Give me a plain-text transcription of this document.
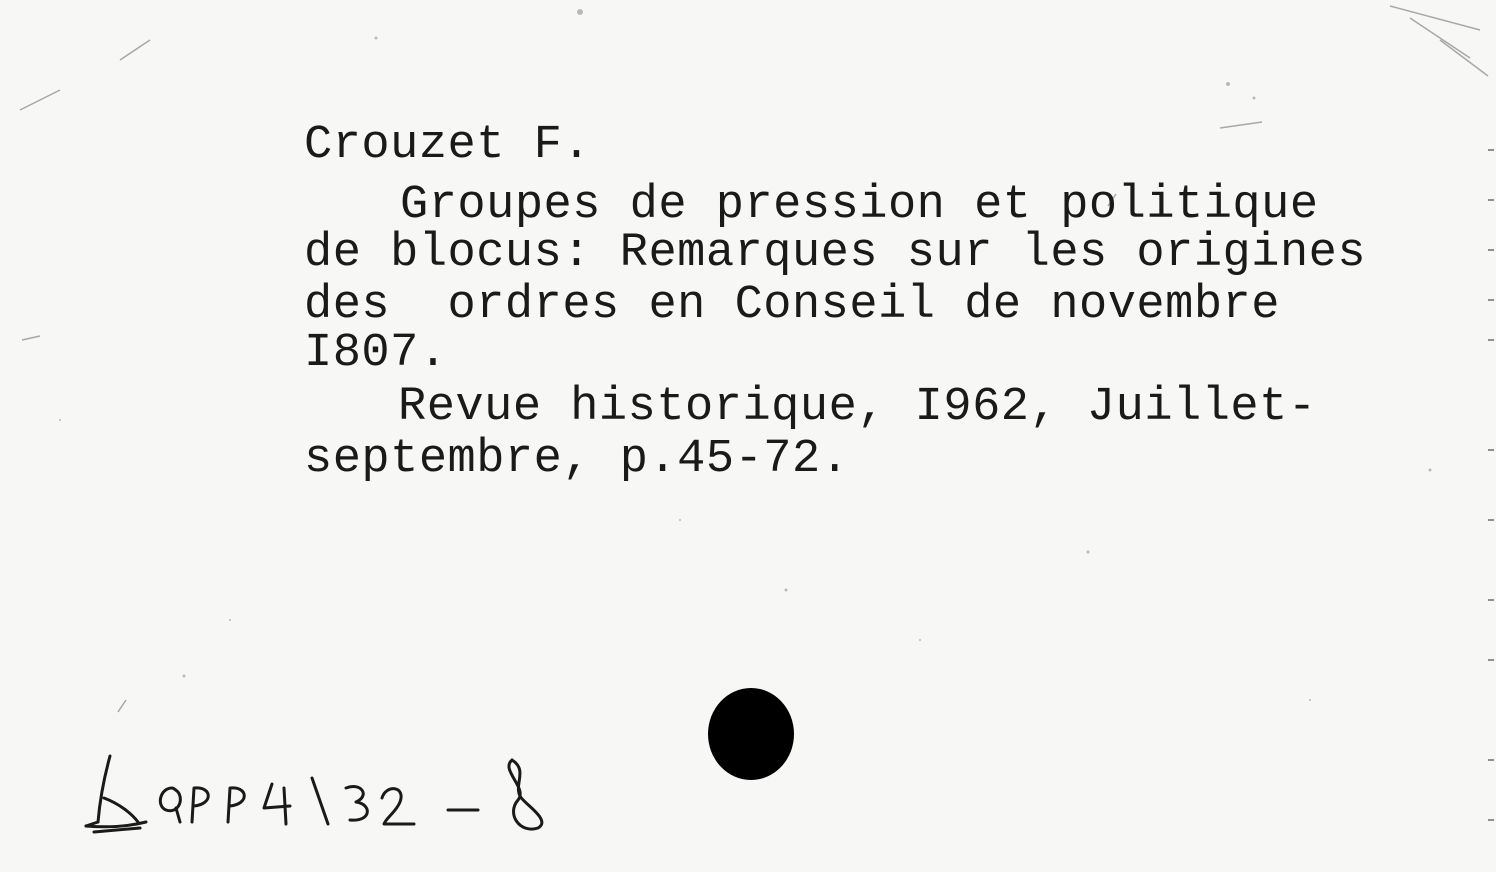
Crouzet F.
Groupes de pression et politique
de blocus: Remarques sur les origines
des  ordres en Conseil de novembre
I807.
Revue historique, I962, Juillet-
septembre, p.45-72.
